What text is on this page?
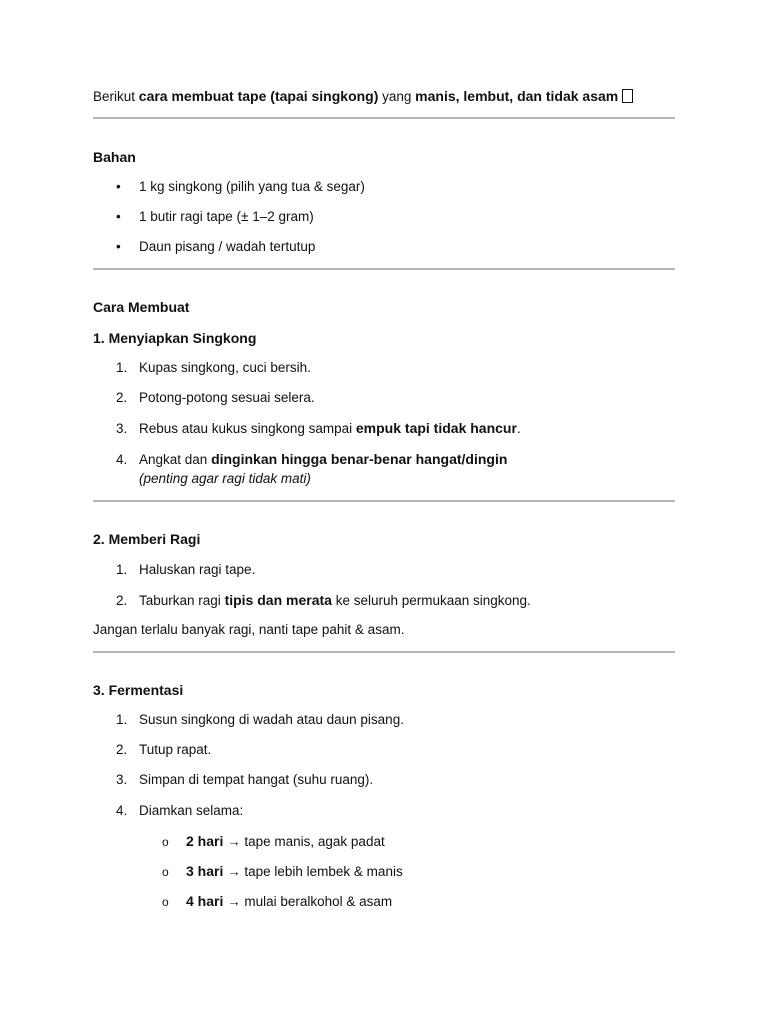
Berikut cara membuat tape (tapai singkong) yang manis, lembut, dan tidak asam
Bahan
• 1 kg singkong (pilih yang tua & segar)
• 1 butir ragi tape (± 1–2 gram)
• Daun pisang / wadah tertutup
Cara Membuat
1. Menyiapkan Singkong
1. Kupas singkong, cuci bersih.
2. Potong-potong sesuai selera.
3. Rebus atau kukus singkong sampai empuk tapi tidak hancur.
4. Angkat dan dinginkan hingga benar-benar hangat/dingin
(penting agar ragi tidak mati)
2. Memberi Ragi
1. Haluskan ragi tape.
2. Taburkan ragi tipis dan merata ke seluruh permukaan singkong.
Jangan terlalu banyak ragi, nanti tape pahit & asam.
3. Fermentasi
1. Susun singkong di wadah atau daun pisang.
2. Tutup rapat.
3. Simpan di tempat hangat (suhu ruang).
4. Diamkan selama:
o 2 hari → tape manis, agak padat
o 3 hari → tape lebih lembek & manis
o 4 hari → mulai beralkohol & asam
